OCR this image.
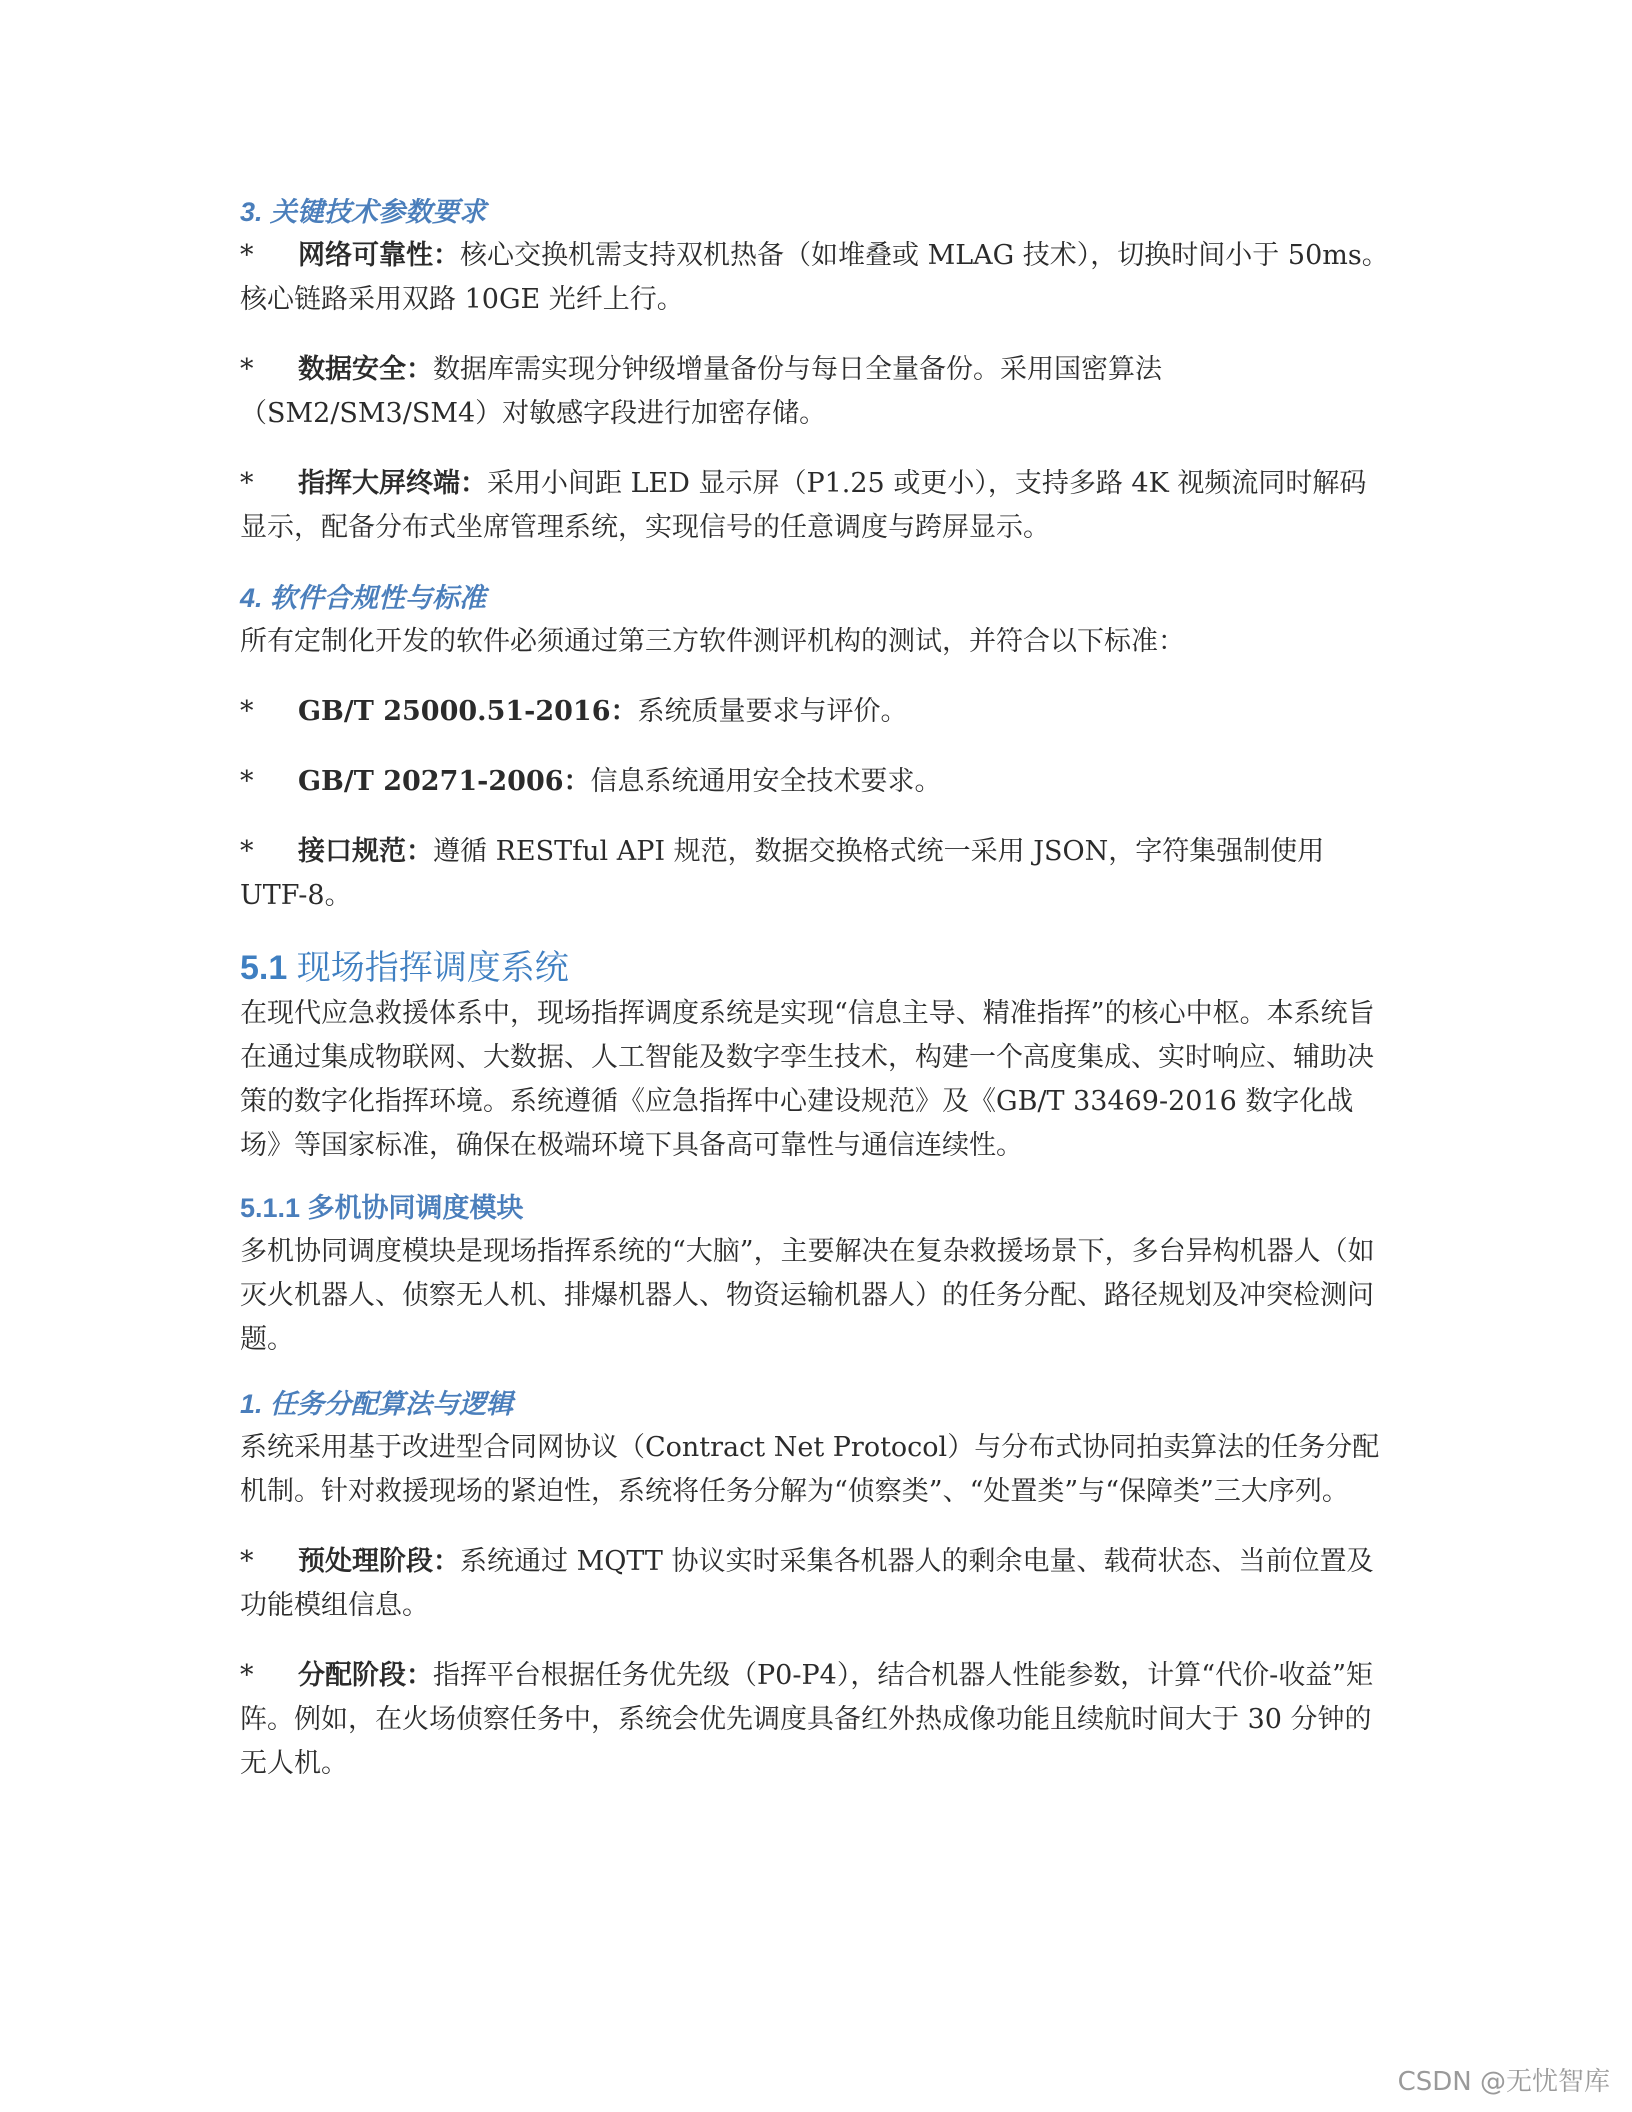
3. 关键技术参数要求

* 网络可靠性：核心交换机需支持双机热备（如堆叠或 MLAG 技术），切换时间小于 50ms。核心链路采用双路 10GE 光纤上行。

* 数据安全：数据库需实现分钟级增量备份与每日全量备份。采用国密算法（SM2/SM3/SM4）对敏感字段进行加密存储。

* 指挥大屏终端：采用小间距 LED 显示屏（P1.25 或更小），支持多路 4K 视频流同时解码显示，配备分布式坐席管理系统，实现信号的任意调度与跨屏显示。

4. 软件合规性与标准

所有定制化开发的软件必须通过第三方软件测评机构的测试，并符合以下标准：

* GB/T 25000.51-2016：系统质量要求与评价。

* GB/T 20271-2006：信息系统通用安全技术要求。

* 接口规范：遵循 RESTful API 规范，数据交换格式统一采用 JSON，字符集强制使用 UTF-8。

5.1 现场指挥调度系统

在现代应急救援体系中，现场指挥调度系统是实现“信息主导、精准指挥”的核心中枢。本系统旨在通过集成物联网、大数据、人工智能及数字孪生技术，构建一个高度集成、实时响应、辅助决策的数字化指挥环境。系统遵循《应急指挥中心建设规范》及《GB/T 33469-2016 数字化战场》等国家标准，确保在极端环境下具备高可靠性与通信连续性。

5.1.1 多机协同调度模块

多机协同调度模块是现场指挥系统的“大脑”，主要解决在复杂救援场景下，多台异构机器人（如灭火机器人、侦察无人机、排爆机器人、物资运输机器人）的任务分配、路径规划及冲突检测问题。

1. 任务分配算法与逻辑

系统采用基于改进型合同网协议（Contract Net Protocol）与分布式协同拍卖算法的任务分配机制。针对救援现场的紧迫性，系统将任务分解为“侦察类”、“处置类”与“保障类”三大序列。

* 预处理阶段：系统通过 MQTT 协议实时采集各机器人的剩余电量、载荷状态、当前位置及功能模组信息。

* 分配阶段：指挥平台根据任务优先级（P0-P4），结合机器人性能参数，计算“代价-收益”矩阵。例如，在火场侦察任务中，系统会优先调度具备红外热成像功能且续航时间大于 30 分钟的无人机。

CSDN @无忧智库
